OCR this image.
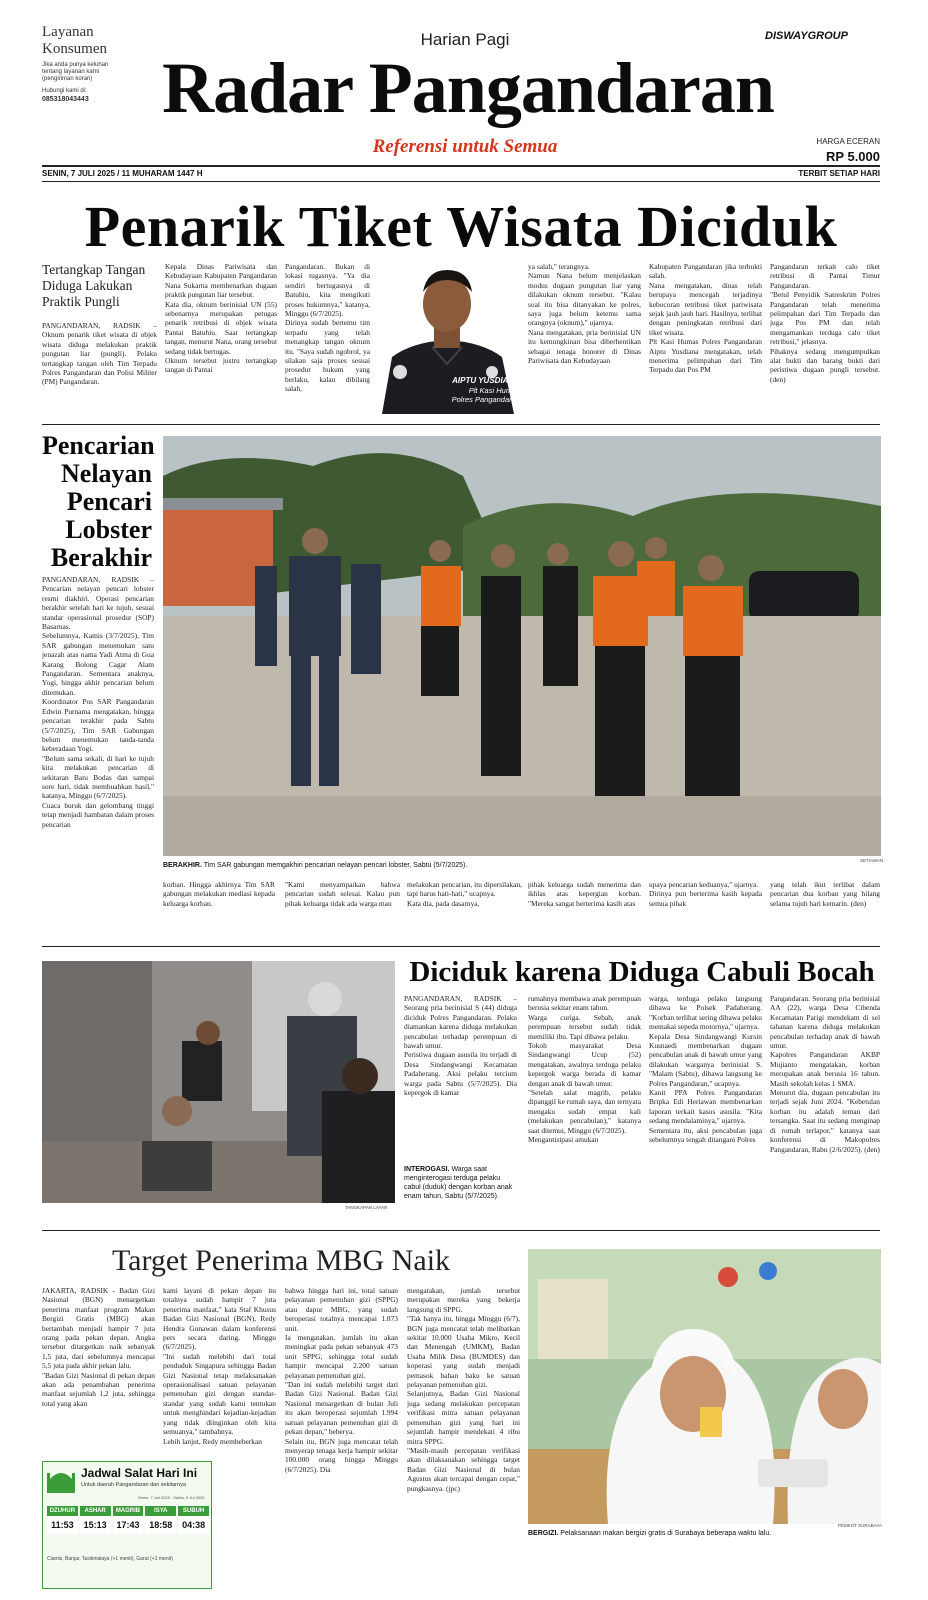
Layanan
Konsumen
Jika anda punya keluhan tentang layanan kami (pengiriman koran)
Hubungi kami di:
085318043443
Harian Pagi
Radar Pangandaran
Referensi untuk Semua
DISWAYGROUP
HARGA ECERAN
RP 5.000
SENIN, 7 JULI 2025 / 11 MUHARAM 1447 H	TERBIT SETIAP HARI
Penarik Tiket Wisata Diciduk
Tertangkap Tangan Diduga Lakukan Praktik Pungli
PANGANDARAN, RADSIK – Oknum penarik tiket wisata di objek wisata diduga melakukan praktik pungutan liar (pungli). Pelaku tertangkap tangan oleh Tim Terpadu Polres Pangandaran dan Polisi Militer (PM) Pangandaran.
Kepala Dinas Pariwisata dan Kebudayaan Kabupaten Pangandaran Nana Sukarna membenarkan dugaan praktik pungutan liar tersebut.
Kata dia, oknum berinisial UN (55) sebenarnya merupakan petugas penarik retribusi di objek wisata Pantai Batuhiu. Saat tertangkap tangan, menurut Nana, orang tersebut sedang tidak bertugas.
Oknum tersebut justru tertangkap tangan di Pantai
Pangandaran. Bukan di lokasi tugasnya. "Ya dia sendiri bertugasnya di Batuhiu, kita mengikuti proses hukumnya," katanya, Minggu (6/7/2025).
Dirinya sudah bertemu tim terpadu yang telah menangkap tangan oknum itu. "Saya sudah ngobrol, ya silakan saja proses sesuai prosedur hukum yang berlaku, kalau dibilang salah,
AIPTU YUSDIANA
Plt Kasi Humas
Polres Pangandaran
ya salah," terangnya.
Namun Nana belum menjelaskan modus dugaan pungutan liar yang dilakukan oknum tersebut. "Kalau soal itu bisa ditanyakan ke polres, saya juga belum ketemu sama orangnya (oknum)," ujarnya.
Nana mengatakan, pria berinisial UN itu kemungkinan bisa diberhentikan sebagai tenaga honorer di Dinas Pariwisata dan Kebudayaan
Kabupaten Pangandaran jika terbukti salah.
Nana mengatakan, dinas telah berupaya mencegah terjadinya kebocoran retribusi tiket pariwisata sejak jauh jauh hari. Hasilnya, terlihat dengan peningkatan retribusi dari tiket wisata.
Plt Kasi Humas Polres Pangandaran Aiptu Yusdiana mengatakan, telah menerima pelimpahan dari Tim Terpadu dan Pos PM
Pangandaran terkait calo tiket retribusi di Pantai Timur Pangandaran.
"Betul Penyidik Satreskrim Polres Pangandaran telah menerima pelimpahan dari Tim Terpadu dan juga Pos PM dan telah mengamankan terduga calo tiket retribusi," jelasnya.
Pihaknya sedang mengumpulkan alat bukti dan barang bukti dari peristiwa dugaan pungli tersebut. (den)
Pencarian
Nelayan
Pencari
Lobster
Berakhir
PANGANDARAN, RADSIK – Pencarian nelayan pencari lobster resmi diakhiri. Operasi pencarian berakhir setelah hari ke tujuh, sesuai standar operasional prosedur (SOP) Basarnas.
Sebelumnya, Kamis (3/7/2025), Tim SAR gabungan menemukan satu jenazah atas nama Yadi Atma di Gua Karang Bolong Cagar Alam Pangandaran. Sementara anaknya, Yogi, hingga akhir pencarian belum ditemukan.
Koordinator Pos SAR Pangandaran Edwin Purnama mengatakan, hingga pencarian terakhir pada Sabtu (5/7/2025), Tim SAR Gabungan belum menemukan tanda-tanda keberadaan Yogi.
"Belum sama sekali, di hari ke tujuh kita melakukan pencarian di sekitaran Batu Bodas dan sampai sore hari, tidak membuahkan hasil," katanya, Minggu (6/7/2025).
Cuaca buruk dan gelombang tinggi tetap menjadi hambatan dalam proses pencarian
BERAKHIR. Tim SAR gabungan memgakhiri pencarian nelayan pencari lobster, Sabtu (5/7/2025).
SETIAWAN
korban. Hingga akhirnya Tim SAR gabungan melakukan mediasi kepada keluarga korban.
"Kami menyampaikan bahwa pencarian sudah selesai. Kalau pun pihak keluarga tidak ada warga mau
melakukan pencarian, itu dipersilakan, tapi harus hati-hati," ucapnya.
Kata dia, pada dasarnya,
pihak keluarga sudah menerima dan ikhlas atas kepergian korban. "Mereka sangat berterima kasih atas
upaya pencarian keduanya," ujarnya.
Dirinya pun berterima kasih kepada semua pihak
yang telah ikut terlibat dalam pencarian dua korban yang hilang selama tujuh hari kemarin. (den)
TANGKAPAN LAYAR
Diciduk karena Diduga Cabuli Bocah
PANGANDARAN, RADSIK – Seorang pria berinisial S (44) diduga diciduk Polres Pangandaran. Pelaku diamankan karena diduga melakukan pencabulan terhadap perempuan di bawah umur.
Peristiwa dugaan asusila itu terjadi di Desa Sindangwangi Kecamatan Padaherang. Aksi pelaku tercium warga pada Sabtu (5/7/2025). Dia kepergok di kamar
INTEROGASI. Warga saat menginterogasi terduga pelaku cabul (duduk) dengan korban anak enam tahun, Sabtu (5/7/2025).
rumahnya membawa anak perempuan berusia sekitar enam tahun.
Warga curiga. Sebab, anak perempuan tersebut sudah tidak memiliki ibu. Tapi dibawa pelaku.
Tokoh masyarakat Desa Sindangwangi Ucup (52) mengatakan, awalnya terduga pelaku kepergok warga berada di kamar dengan anak di bawah umur.
"Setelah salat magrib, pelaku dipanggil ke rumah saya, dan ternyata mengaku sudah empat kali (melakukan pencabulan)," katanya saat ditemui, Minggu (6/7/2025).
Mengantisipasi amukan
warga, terduga pelaku langsung dibawa ke Polsek Padaherang. "Korban terlihat sering dibawa pelaku memakai sepeda motornya," ujarnya.
Kepala Desa Sindangwangi Kursin Kusnaedi membenarkan dugaan pencabulan anak di bawah umur yang dilakukan warganya berinisial S. "Malam (Sabtu), dibawa langsung ke Polres Pangandaran," ucapnya.
Kanit PPA Polres Pangandaran Bripka Edi Heriawan membenarkan laporan terkait kasus asusila. "Kita sedang mendalaminya," ujarnya.
Sementara itu, aksi pencabulan juga sebelumnya tengah ditangani Polres
Pangandaran. Seorang pria berinisial AA (22), warga Desa Cibenda Kecamatan Parigi mendekam di sel tahanan karena diduga melakukan pencabulan terhadap anak di bawah umur.
Kapolres Pangandaran AKBP Mujianto mengatakan, korban merupakan anak berusia 16 tahun. Masih sekolah kelas 1 SMA.
Menurut dia, dugaan pencabulan itu terjadi sejak Juni 2024. "Kebetulan korban itu adalah teman dari tersangka. Saat itu sedang menginap di rumah terlapor," katanya saat konferensi di Makopolres Pangandaran, Rabu (2/6/2025). (den)
Target Penerima MBG Naik
JAKARTA, RADSIK - Badan Gizi Nasional (BGN) menargetkan penerima manfaat program Makan Bergizi Gratis (MBG) akan bertambah menjadi hampir 7 juta orang pada pekan depan. Angka tersebut ditargetkan naik sebanyak 1,5 juta, dari sebelumnya mencapai 5,5 juta pada akhir pekan lalu.
"Badan Gizi Nasional di pekan depan akan ada penambahan penerima manfaat sejumlah 1,2 juta, sehingga total yang akan
kami layani di pekan depan itu totalnya sudah hampir 7 juta penerima manfaat," kata Staf Khusus Badan Gizi Nasional (BGN), Redy Hendra Gunawan dalam konferensi pers secara daring, Minggu (6/7/2025).
"Ini sudah melebihi dari total penduduk Singapura sehingga Badan Gizi Nasional tetap melaksanakan operasionalisasi satuan pelayanan pemenuhan gizi dengan standar-standar yang sudah kami tentukan untuk menghindari kejadian-kejadian yang tidak diinginkan oleh kita semuanya," tambahnya.
Lebih lanjut, Redy membeberkan
bahwa hingga hari ini, total satuan pelayanan pemenuhan gizi (SPPG) atau dapur MBG, yang sudah beroperasi totalnya mencapai 1.873 unit.
Ia mengatakan, jumlah itu akan meningkat pada pekan sebanyak 473 unit SPPG, sehingga total sudah hampir mencapai 2.200 satuan pelayanan pemenuhan gizi.
"Dan ini sudah melebihi target dari Badan Gizi Nasional. Badan Gizi Nasional menargetkan di bulan Juli itu akan beroperasi sejumlah 1.994 satuan pelayanan pemenuhan gizi di pekan depan," beberya.
Selain itu, BGN juga mencatat telah menyerap tenaga kerja hampir sekitar 100.000 orang hingga Minggu (6/7/2025). Dia
mengatakan, jumlah tersebut merupakan mereka yang bekerja langsung di SPPG.
"Tak hanya itu, hingga Minggu (6/7), BGN juga mencatat telah melibatkan sekitar 10.000 Usaha Mikro, Kecil dan Menengah (UMKM), Badan Usaha Milik Desa (BUMDES) dan koperasi yang sudah menjadi pemasok bahan baku ke satuan pelayanan pemenuhan gizi.
Selanjutnya, Badan Gizi Nasional juga sedang melakukan percepatan verifikasi mitra satuan pelayanan pemenuhan gizi yang hari ini sejumlah hampir mendekati 4 ribu mitra SPPG.
"Masih-masih percepatan verifikasi akan dilaksanakan sehingga target Badan Gizi Nasional di bulan Agustus akan tercapai dengan cepat," pungkasnya. (jpc)
Jadwal Salat Hari Ini
Untuk daerah Pangandaran dan sekitarnya
Senin, 7 Juli 2025 - Sabtu, 5 Jul 2025
DZUHUR
11:53
ASHAR
15:13
MAGRIB
17:43
ISYA
18:58
SUBUH
04:38
Ciamis, Banjar, Tasikmalaya (+1 menit), Garut (+1 menit)
BERGIZI. Pelaksanaan makan bergizi gratis di Surabaya beberapa waktu lalu.
PEMKOT SURABAYA
